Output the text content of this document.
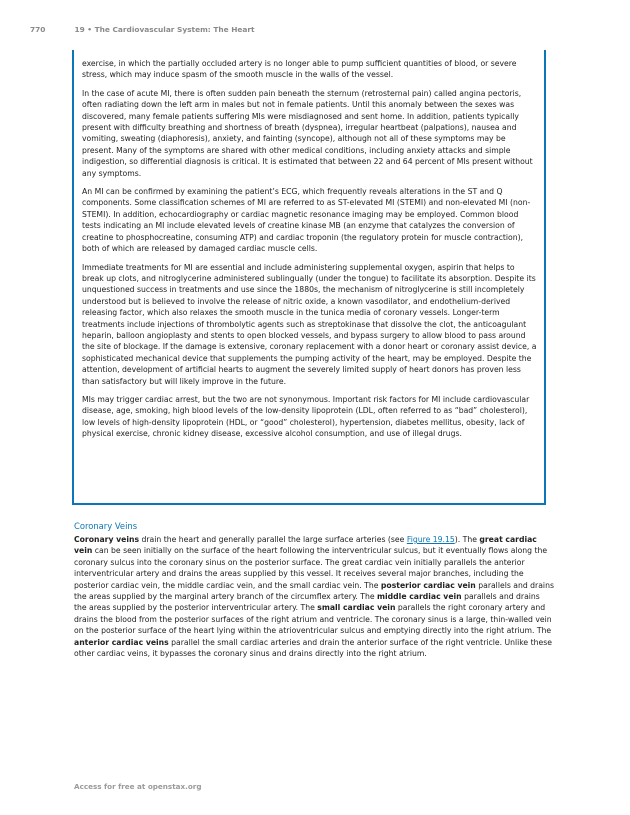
770	19 • The Cardiovascular System: The Heart

exercise, in which the partially occluded artery is no longer able to pump sufficient quantities of blood, or severe stress, which may induce spasm of the smooth muscle in the walls of the vessel.

In the case of acute MI, there is often sudden pain beneath the sternum (retrosternal pain) called angina pectoris, often radiating down the left arm in males but not in female patients. Until this anomaly between the sexes was discovered, many female patients suffering MIs were misdiagnosed and sent home. In addition, patients typically present with difficulty breathing and shortness of breath (dyspnea), irregular heartbeat (palpations), nausea and vomiting, sweating (diaphoresis), anxiety, and fainting (syncope), although not all of these symptoms may be present. Many of the symptoms are shared with other medical conditions, including anxiety attacks and simple indigestion, so differential diagnosis is critical. It is estimated that between 22 and 64 percent of MIs present without any symptoms.

An MI can be confirmed by examining the patient’s ECG, which frequently reveals alterations in the ST and Q components. Some classification schemes of MI are referred to as ST-elevated MI (STEMI) and non-elevated MI (non-STEMI). In addition, echocardiography or cardiac magnetic resonance imaging may be employed. Common blood tests indicating an MI include elevated levels of creatine kinase MB (an enzyme that catalyzes the conversion of creatine to phosphocreatine, consuming ATP) and cardiac troponin (the regulatory protein for muscle contraction), both of which are released by damaged cardiac muscle cells.

Immediate treatments for MI are essential and include administering supplemental oxygen, aspirin that helps to break up clots, and nitroglycerine administered sublingually (under the tongue) to facilitate its absorption. Despite its unquestioned success in treatments and use since the 1880s, the mechanism of nitroglycerine is still incompletely understood but is believed to involve the release of nitric oxide, a known vasodilator, and endothelium-derived releasing factor, which also relaxes the smooth muscle in the tunica media of coronary vessels. Longer-term treatments include injections of thrombolytic agents such as streptokinase that dissolve the clot, the anticoagulant heparin, balloon angioplasty and stents to open blocked vessels, and bypass surgery to allow blood to pass around the site of blockage. If the damage is extensive, coronary replacement with a donor heart or coronary assist device, a sophisticated mechanical device that supplements the pumping activity of the heart, may be employed. Despite the attention, development of artificial hearts to augment the severely limited supply of heart donors has proven less than satisfactory but will likely improve in the future.

MIs may trigger cardiac arrest, but the two are not synonymous. Important risk factors for MI include cardiovascular disease, age, smoking, high blood levels of the low-density lipoprotein (LDL, often referred to as “bad” cholesterol), low levels of high-density lipoprotein (HDL, or “good” cholesterol), hypertension, diabetes mellitus, obesity, lack of physical exercise, chronic kidney disease, excessive alcohol consumption, and use of illegal drugs.

Coronary Veins

Coronary veins drain the heart and generally parallel the large surface arteries (see Figure 19.15). The great cardiac vein can be seen initially on the surface of the heart following the interventricular sulcus, but it eventually flows along the coronary sulcus into the coronary sinus on the posterior surface. The great cardiac vein initially parallels the anterior interventricular artery and drains the areas supplied by this vessel. It receives several major branches, including the posterior cardiac vein, the middle cardiac vein, and the small cardiac vein. The posterior cardiac vein parallels and drains the areas supplied by the marginal artery branch of the circumflex artery. The middle cardiac vein parallels and drains the areas supplied by the posterior interventricular artery. The small cardiac vein parallels the right coronary artery and drains the blood from the posterior surfaces of the right atrium and ventricle. The coronary sinus is a large, thin-walled vein on the posterior surface of the heart lying within the atrioventricular sulcus and emptying directly into the right atrium. The anterior cardiac veins parallel the small cardiac arteries and drain the anterior surface of the right ventricle. Unlike these other cardiac veins, it bypasses the coronary sinus and drains directly into the right atrium.

Access for free at openstax.org
